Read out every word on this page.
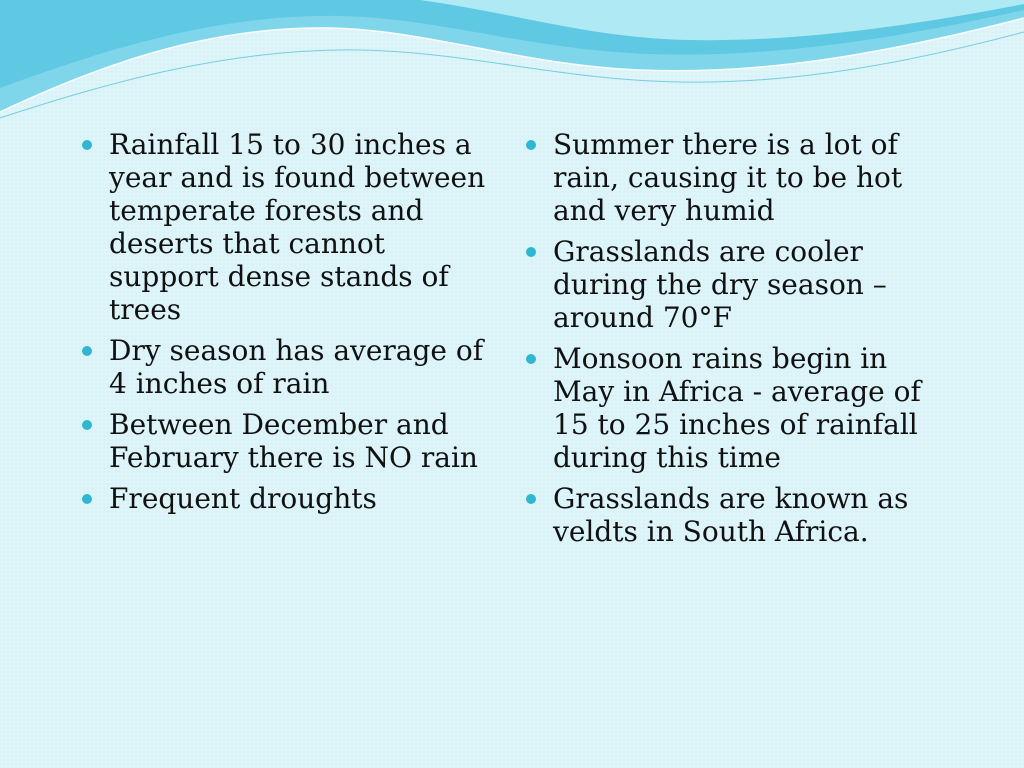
Rainfall 15 to 30 inches a year and is found between temperate forests and deserts that cannot support dense stands of trees
Dry season has average of 4 inches of rain
Between December and February there is NO rain
Frequent droughts
Summer there is a lot of rain, causing it to be hot and very humid
Grasslands are cooler during the dry season – around 70°F
Monsoon rains begin in May in Africa - average of 15 to 25 inches of rainfall during this time
Grasslands are known as veldts in South Africa.
